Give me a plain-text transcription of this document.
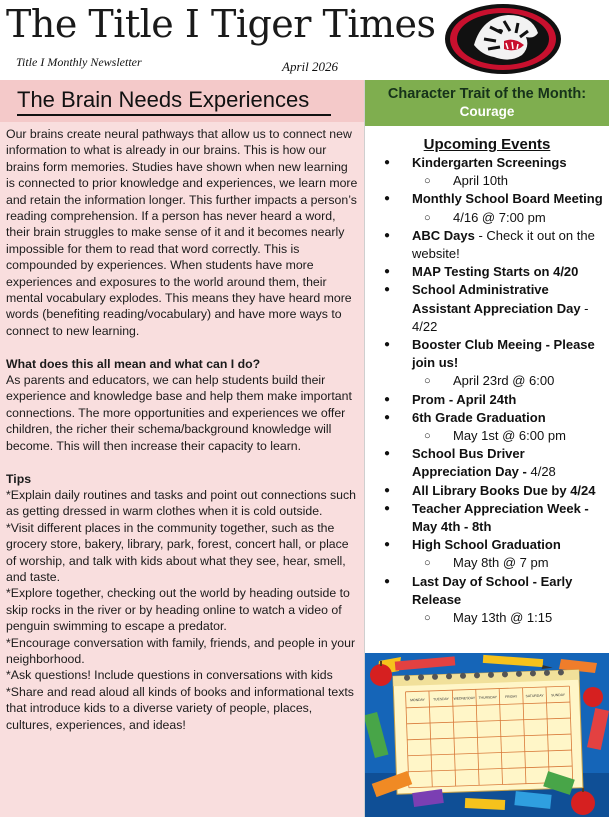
The Title I Tiger Times
Title I Monthly Newsletter	April 2026
The Brain Needs Experiences

Our brains create neural pathways that allow us to connect new information to what is already in our brains. This is how our brains form memories. Studies have shown when new learning is connected to prior knowledge and experiences, we learn more and retain the information longer. This further impacts a person’s reading comprehension. If a person has never heard a word, their brain struggles to make sense of it and it becomes nearly impossible for them to read that word correctly. This is compounded by experiences. When students have more experiences and exposures to the world around them, their mental vocabulary explodes. This means they have heard more words (benefiting reading/vocabulary) and have more ways to connect to new learning.

What does this all mean and what can I do?

As parents and educators, we can help students build their experience and knowledge base and help them make important connections. The more opportunities and experiences we offer children, the richer their schema/background knowledge will become. This will then increase their capacity to learn.

Tips

*Explain daily routines and tasks and point out connections such as getting dressed in warm clothes when it is cold outside.

*Visit different places in the community together, such as the grocery store, bakery, library, park, forest, concert hall, or place of worship, and talk with kids about what they see, hear, smell, and taste.

*Explore together, checking out the world by heading outside to skip rocks in the river or by heading online to watch a video of penguin swimming to escape a predator.

*Encourage conversation with family, friends, and people in your neighborhood.

*Ask questions! Include questions in conversations with kids

*Share and read aloud all kinds of books and informational texts that introduce kids to a diverse variety of people, places, cultures, experiences, and ideas!

Character Trait of the Month:
Courage
Upcoming Events
● Kindergarten Screenings
○ April 10th
● Monthly School Board Meeting
○ 4/16 @ 7:00 pm
● ABC Days - Check it out on the website!
● MAP Testing Starts on 4/20
● School Administrative Assistant Appreciation Day - 4/22
● Booster Club Meeing - Please join us!
○ April 23rd @ 6:00
● Prom - April 24th
● 6th Grade Graduation
○ May 1st @ 6:00 pm
● School Bus Driver Appreciation Day - 4/28
● All Library Books Due by 4/24
● Teacher Appreciation Week - May 4th - 8th
● High School Graduation
○ May 8th @ 7 pm
● Last Day of School - Early Release
○ May 13th @ 1:15
MONDAY TUESDAY WEDNESDAY THURSDAY FRIDAY SATURDAY SUNDAY
